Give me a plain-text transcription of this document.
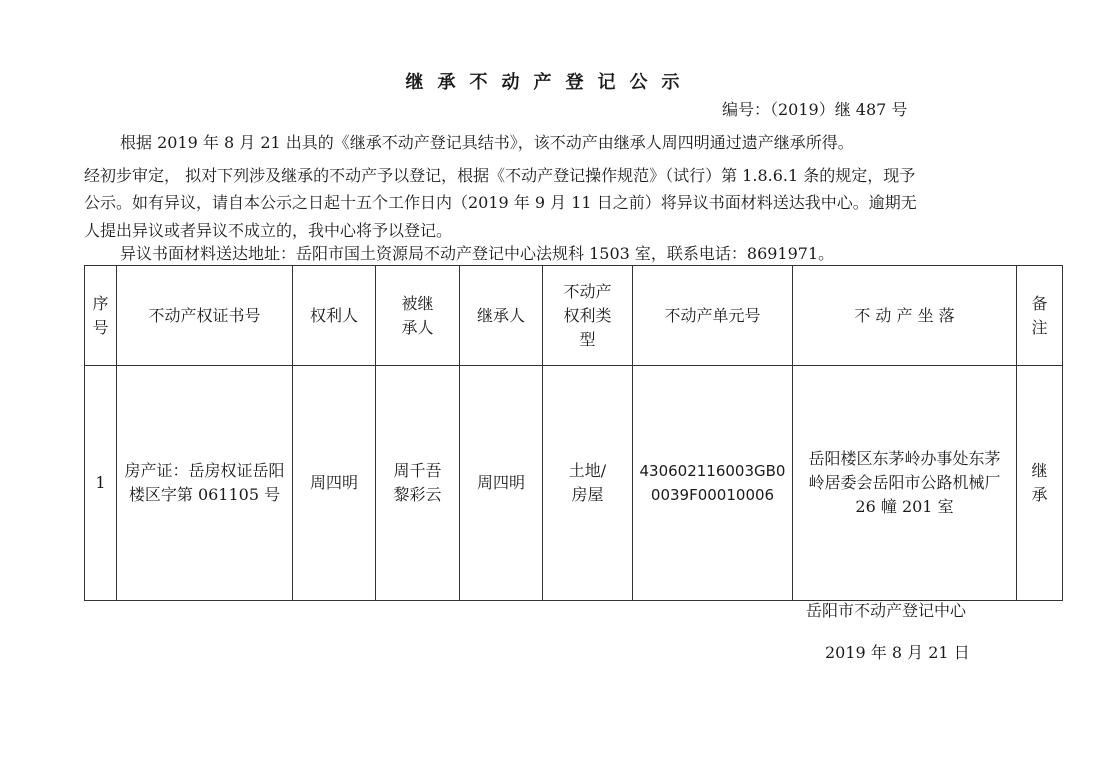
继承不动产登记公示
编号：（2019）继 487 号
根据 2019 年 8 月 21 出具的《继承不动产登记具结书》，该不动产由继承人周四明通过遗产继承所得。
经初步审定， 拟对下列涉及继承的不动产予以登记，根据《不动产登记操作规范》（试行）第 1.8.6.1 条的规定，现予
公示。如有异议，请自本公示之日起十五个工作日内（2019 年 9 月 11 日之前）将异议书面材料送达我中心。逾期无
人提出异议或者异议不成立的，我中心将予以登记。
异议书面材料送达地址：岳阳市国土资源局不动产登记中心法规科 1503 室，联系电话：8691971。
序号	不动产权证书号	权利人	被继承人	继承人	不动产权利类型	不动产单元号	不 动 产 坐 落	备注
1	房产证：岳房权证岳阳楼区字第 061105 号	周四明	周千吾 黎彩云	周四明	土地/房屋	430602116003GB00039F00010006	岳阳楼区东茅岭办事处东茅岭居委会岳阳市公路机械厂 26 幢 201 室	继承
岳阳市不动产登记中心
2019 年 8 月 21 日
